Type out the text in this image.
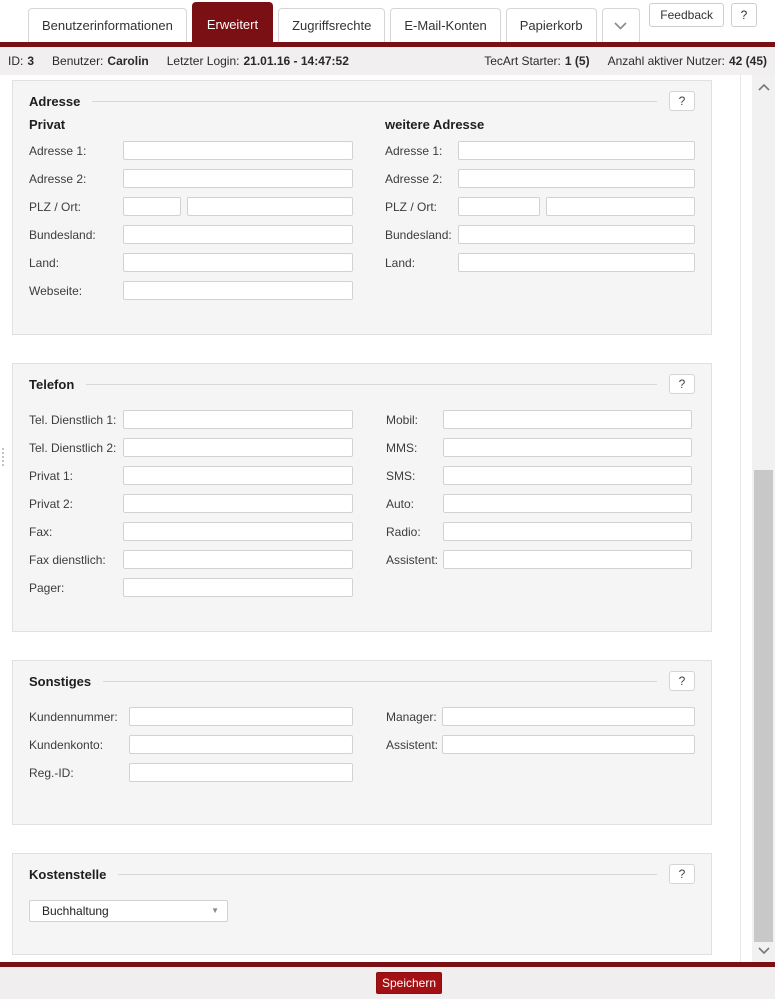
Benutzerinformationen	Erweitert	Zugriffsrechte	E-Mail-Konten	Papierkorb
Feedback	?
ID: 3 Benutzer: Carolin Letzter Login: 21.01.16 - 14:47:52	TecArt Starter: 1 (5) Anzahl aktiver Nutzer: 42 (45)
Adresse	?
Privat
Adresse 1:
Adresse 2:
PLZ / Ort:
Bundesland:
Land:
Webseite:
weitere Adresse
Adresse 1:
Adresse 2:
PLZ / Ort:
Bundesland:
Land:
Telefon	?
Tel. Dienstlich 1:
Tel. Dienstlich 2:
Privat 1:
Privat 2:
Fax:
Fax dienstlich:
Pager:
Mobil:
MMS:
SMS:
Auto:
Radio:
Assistent:
Sonstiges	?
Kundennummer:
Kundenkonto:
Reg.-ID:
Manager:
Assistent:
Kostenstelle	?
Buchhaltung	▼
Speichern
